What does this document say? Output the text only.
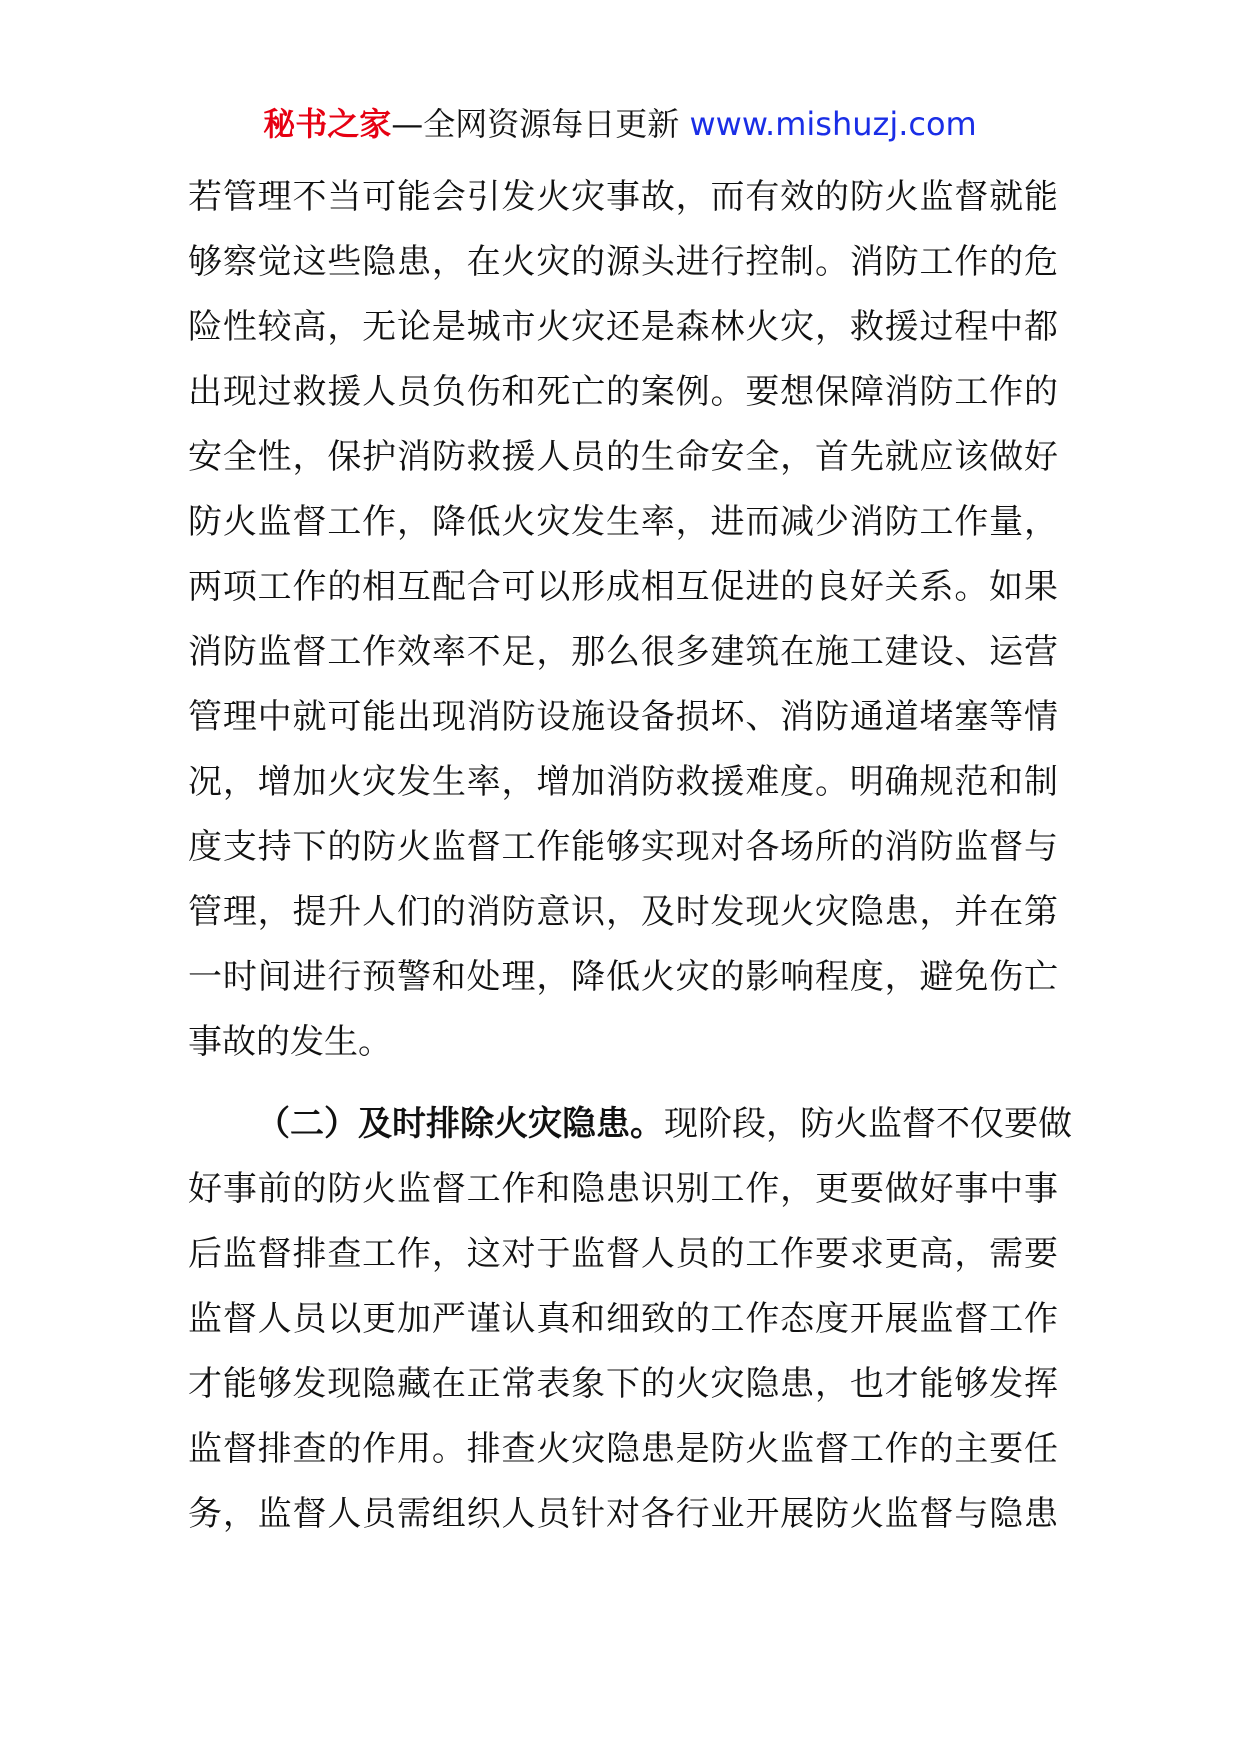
秘书之家—全网资源每日更新 www.mishuzj.com
若管理不当可能会引发火灾事故，而有效的防火监督就能
够察觉这些隐患，在火灾的源头进行控制。消防工作的危
险性较高，无论是城市火灾还是森林火灾，救援过程中都
出现过救援人员负伤和死亡的案例。要想保障消防工作的
安全性，保护消防救援人员的生命安全，首先就应该做好
防火监督工作，降低火灾发生率，进而减少消防工作量，
两项工作的相互配合可以形成相互促进的良好关系。如果
消防监督工作效率不足，那么很多建筑在施工建设、运营
管理中就可能出现消防设施设备损坏、消防通道堵塞等情
况，增加火灾发生率，增加消防救援难度。明确规范和制
度支持下的防火监督工作能够实现对各场所的消防监督与
管理，提升人们的消防意识，及时发现火灾隐患，并在第
一时间进行预警和处理，降低火灾的影响程度，避免伤亡
事故的发生。
（二）及时排除火灾隐患。现阶段，防火监督不仅要做
好事前的防火监督工作和隐患识别工作，更要做好事中事
后监督排查工作，这对于监督人员的工作要求更高，需要
监督人员以更加严谨认真和细致的工作态度开展监督工作
才能够发现隐藏在正常表象下的火灾隐患，也才能够发挥
监督排查的作用。排查火灾隐患是防火监督工作的主要任
务，监督人员需组织人员针对各行业开展防火监督与隐患
